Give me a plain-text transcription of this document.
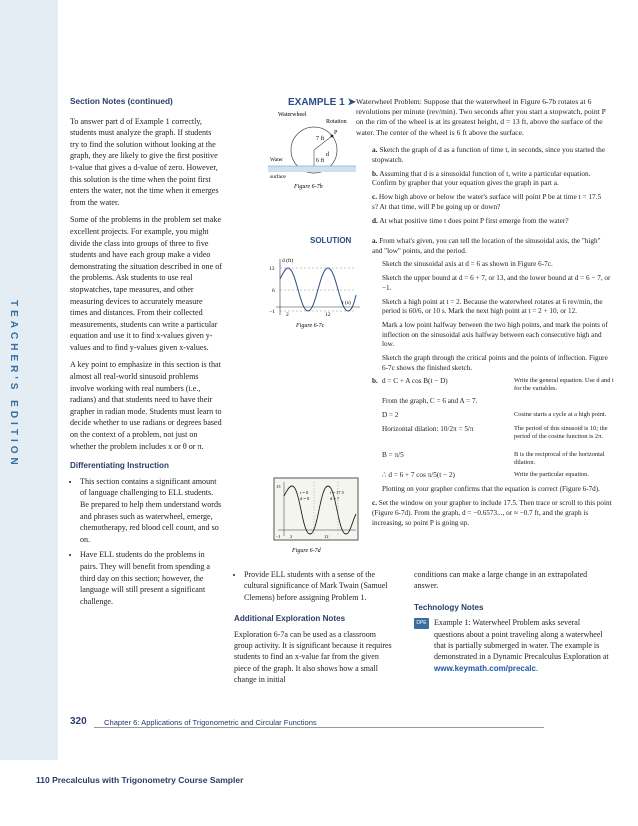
TEACHER'S EDITION
Section Notes (continued)

To answer part d of Example 1 correctly, students must analyze the graph. If students try to find the solution without looking at the graph, they are likely to give the first positive t-value that gives a d-value of zero. However, this solution is the time when the point first enters the water, not the time when it emerges from the water.

Some of the problems in the problem set make excellent projects. For example, you might divide the class into groups of three to five students and have each group make a video demonstrating the situation described in one of the problems. Ask students to use real stopwatches, tape measures, and other measuring devices to accurately measure times and distances. From their collected measurements, students can write a particular equation and use it to find x-values given y-values and to find y-values given x-values.

A key point to emphasize in this section is that almost all real-world sinusoid problems involve working with real numbers (i.e., radians) and that students need to have their grapher in radian mode. Students must learn to decide whether to use radians or degrees based on the context of a problem, not just on whether the problem includes x or θ or π.

Differentiating Instruction
• This section contains a significant amount of language challenging to ELL students. Be prepared to help them understand words and phrases such as waterwheel, emerge, chemotherapy, red blood cell count, and so on.
• Have ELL students do the problems in pairs. They will benefit from spending a third day on this section; however, the language will still present a significant challenge.
EXAMPLE 1 ➤ Waterwheel Problem: Suppose that the waterwheel in Figure 6-7b rotates at 6 revolutions per minute (rev/min). Two seconds after you start a stopwatch, point P on the rim of the wheel is at its greatest height, d = 13 ft, above the surface of the water. The center of the wheel is 6 ft above the surface.
Waterwheel
Rotation
P
7 ft
6 ft
d
Water
surface
Figure 6-7b
a. Sketch the graph of d as a function of time t, in seconds, since you started the stopwatch.
b. Assuming that d is a sinusoidal function of t, write a particular equation. Confirm by grapher that your equation gives the graph in part a.
c. How high above or below the water's surface will point P be at time t = 17.5 s? At that time, will P be going up or down?
d. At what positive time t does point P first emerge from the water?
SOLUTION
d (ft)
t (s)
13
6
−1 2	12
Figure 6-7c

a. From what's given, you can tell the location of the sinusoidal axis, the "high" and "low" points, and the period.

Sketch the sinusoidal axis at d = 6 as shown in Figure 6-7c.

Sketch the upper bound at d = 6 + 7, or 13, and the lower bound at d = 6 − 7, or −1.

Sketch a high point at t = 2. Because the waterwheel rotates at 6 rev/min, the period is 60/6, or 10 s. Mark the next high point at t = 2 + 10, or 12.

Mark a low point halfway between the two high points, and mark the points of inflection on the sinusoidal axis halfway between each consecutive high and low.

Sketch the graph through the critical points and the points of inflection. Figure 6-7c shows the finished sketch.

b. d = C + A cos B(t − D)	Write the general equation. Use d and t for the variables.
From the graph, C = 6 and A = 7.
D = 2	Cosine starts a cycle at a high point.
Horizontal dilation: 10/2π = 5/π	The period of this sinusoid is 10; the period of the cosine function is 2π.
B = π/5	B is the reciprocal of the horizontal dilation.
∴ d = 6 + 7 cos π/5(t − 2)	Write the particular equation.

Plotting on your grapher confirms that the equation is correct (Figure 6-7d).

c. Set the window on your grapher to include 17.5. Then trace or scroll to this point (Figure 6-7d). From the graph, d = −0.6573..., or ≈ −0.7 ft, and the graph is increasing, so point P is going up.

t = 0
d = 0
t = 17.5
d = ?
13
−1 2	12
Figure 6-7d
• Provide ELL students with a sense of the cultural significance of Mark Twain (Samuel Clemens) before assigning Problem 1.
Additional Exploration Notes
Exploration 6-7a can be used as a classroom group activity. It is significant because it requires students to find an x-value far from the given piece of the graph. It also shows how a small change in initial
conditions can make a large change in an extrapolated answer.
Technology Notes
DPE Example 1: Waterwheel Problem asks several questions about a point traveling along a waterwheel that is partially submerged in water. The example is demonstrated in a Dynamic Precalculus Exploration at www.keymath.com/precalc.
320 Chapter 6: Applications of Trigonometric and Circular Functions
110 Precalculus with Trigonometry Course Sampler
